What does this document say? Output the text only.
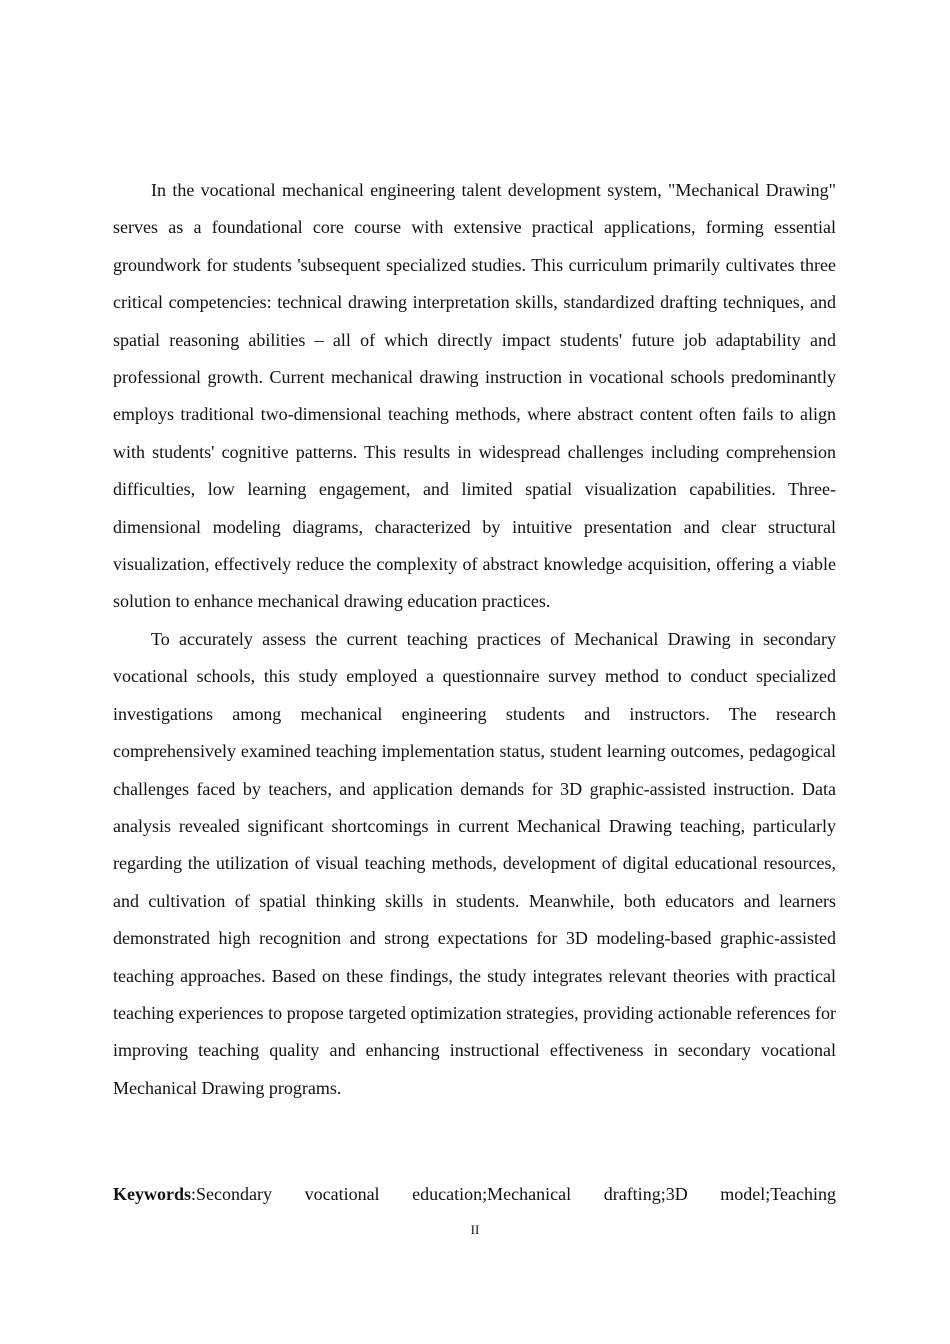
In the vocational mechanical engineering talent development system, "Mechanical Drawing" serves as a foundational core course with extensive practical applications, forming essential groundwork for students 'subsequent specialized studies. This curriculum primarily cultivates three critical competencies: technical drawing interpretation skills, standardized drafting techniques, and spatial reasoning abilities – all of which directly impact students' future job adaptability and professional growth. Current mechanical drawing instruction in vocational schools predominantly employs traditional two-dimensional teaching methods, where abstract content often fails to align with students' cognitive patterns. This results in widespread challenges including comprehension difficulties, low learning engagement, and limited spatial visualization capabilities. Three-dimensional modeling diagrams, characterized by intuitive presentation and clear structural visualization, effectively reduce the complexity of abstract knowledge acquisition, offering a viable solution to enhance mechanical drawing education practices.

To accurately assess the current teaching practices of Mechanical Drawing in secondary vocational schools, this study employed a questionnaire survey method to conduct specialized investigations among mechanical engineering students and instructors. The research comprehensively examined teaching implementation status, student learning outcomes, pedagogical challenges faced by teachers, and application demands for 3D graphic-assisted instruction. Data analysis revealed significant shortcomings in current Mechanical Drawing teaching, particularly regarding the utilization of visual teaching methods, development of digital educational resources, and cultivation of spatial thinking skills in students. Meanwhile, both educators and learners demonstrated high recognition and strong expectations for 3D modeling-based graphic-assisted teaching approaches. Based on these findings, the study integrates relevant theories with practical teaching experiences to propose targeted optimization strategies, providing actionable references for improving teaching quality and enhancing instructional effectiveness in secondary vocational Mechanical Drawing programs.

Keywords:Secondary vocational education;Mechanical drafting;3D model;Teaching

II
